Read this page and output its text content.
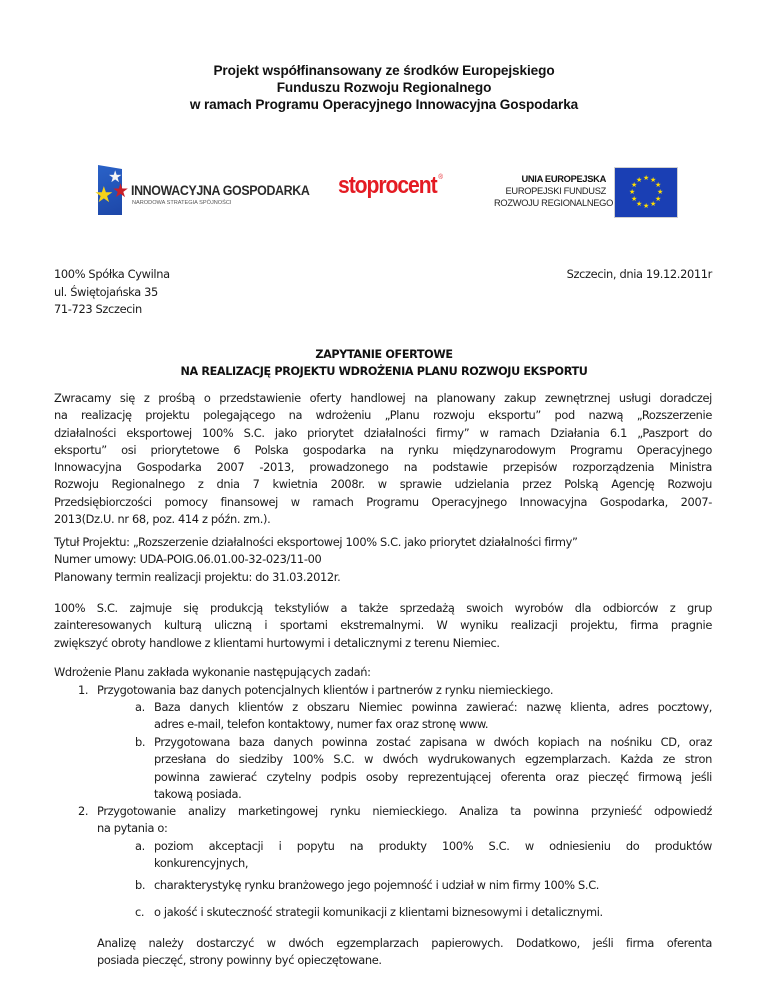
Projekt współfinansowany ze środków Europejskiego
Funduszu Rozwoju Regionalnego
w ramach Programu Operacyjnego Innowacyjna Gospodarka
★
★
★ INNOWACYJNA GOSPODARKA
NARODOWA STRATEGIA SPÓJNOŚCI
stoprocent ®	UNIA EUROPEJSKA
EUROPEJSKI FUNDUSZ
ROZWOJU REGIONALNEGO
★ ★
★
★
★
★
★
★
★
★
★
★
100% Spółka Cywilna
ul. Świętojańska 35
71-723 Szczecin
Szczecin, dnia 19.12.2011r
ZAPYTANIE OFERTOWE
NA REALIZACJĘ PROJEKTU WDROŻENIA PLANU ROZWOJU EKSPORTU
Zwracamy się z prośbą o przedstawienie oferty handlowej na planowany zakup zewnętrznej usługi doradczej
na realizację projektu polegającego na wdrożeniu „Planu rozwoju eksportu” pod nazwą „Rozszerzenie
działalności eksportowej 100% S.C. jako priorytet działalności firmy” w ramach Działania 6.1 „Paszport do
eksportu” osi priorytetowe 6 Polska gospodarka na rynku międzynarodowym Programu Operacyjnego
Innowacyjna Gospodarka 2007 -2013, prowadzonego na podstawie przepisów rozporządzenia Ministra
Rozwoju Regionalnego z dnia 7 kwietnia 2008r. w sprawie udzielania przez Polską Agencję Rozwoju
Przedsiębiorczości pomocy finansowej w ramach Programu Operacyjnego Innowacyjna Gospodarka, 2007-
2013(Dz.U. nr 68, poz. 414 z późn. zm.).
Tytuł Projektu: „Rozszerzenie działalności eksportowej 100% S.C. jako priorytet działalności firmy”
Numer umowy: UDA-POIG.06.01.00-32-023/11-00
Planowany termin realizacji projektu: do 31.03.2012r.
100% S.C. zajmuje się produkcją tekstyliów a także sprzedażą swoich wyrobów dla odbiorców z grup
zainteresowanych kulturą uliczną i sportami ekstremalnymi. W wyniku realizacji projektu, firma pragnie
zwiększyć obroty handlowe z klientami hurtowymi i detalicznymi z terenu Niemiec.
Wdrożenie Planu zakłada wykonanie następujących zadań:
1. Przygotowania baz danych potencjalnych klientów i partnerów z rynku niemieckiego.
a. Baza danych klientów z obszaru Niemiec powinna zawierać: nazwę klienta, adres pocztowy,
adres e-mail, telefon kontaktowy, numer fax oraz stronę www.
b. Przygotowana baza danych powinna zostać zapisana w dwóch kopiach na nośniku CD, oraz
przesłana do siedziby 100% S.C. w dwóch wydrukowanych egzemplarzach. Każda ze stron
powinna zawierać czytelny podpis osoby reprezentującej oferenta oraz pieczęć firmową jeśli
takową posiada.
2. Przygotowanie analizy marketingowej rynku niemieckiego. Analiza ta powinna przynieść odpowiedź
na pytania o:
a. poziom akceptacji i popytu na produkty 100% S.C. w odniesieniu do produktów
konkurencyjnych,
b. charakterystykę rynku branżowego jego pojemność i udział w nim firmy 100% S.C.
c. o jakość i skuteczność strategii komunikacji z klientami biznesowymi i detalicznymi.
Analizę należy dostarczyć w dwóch egzemplarzach papierowych. Dodatkowo, jeśli firma oferenta
posiada pieczęć, strony powinny być opieczętowane.
